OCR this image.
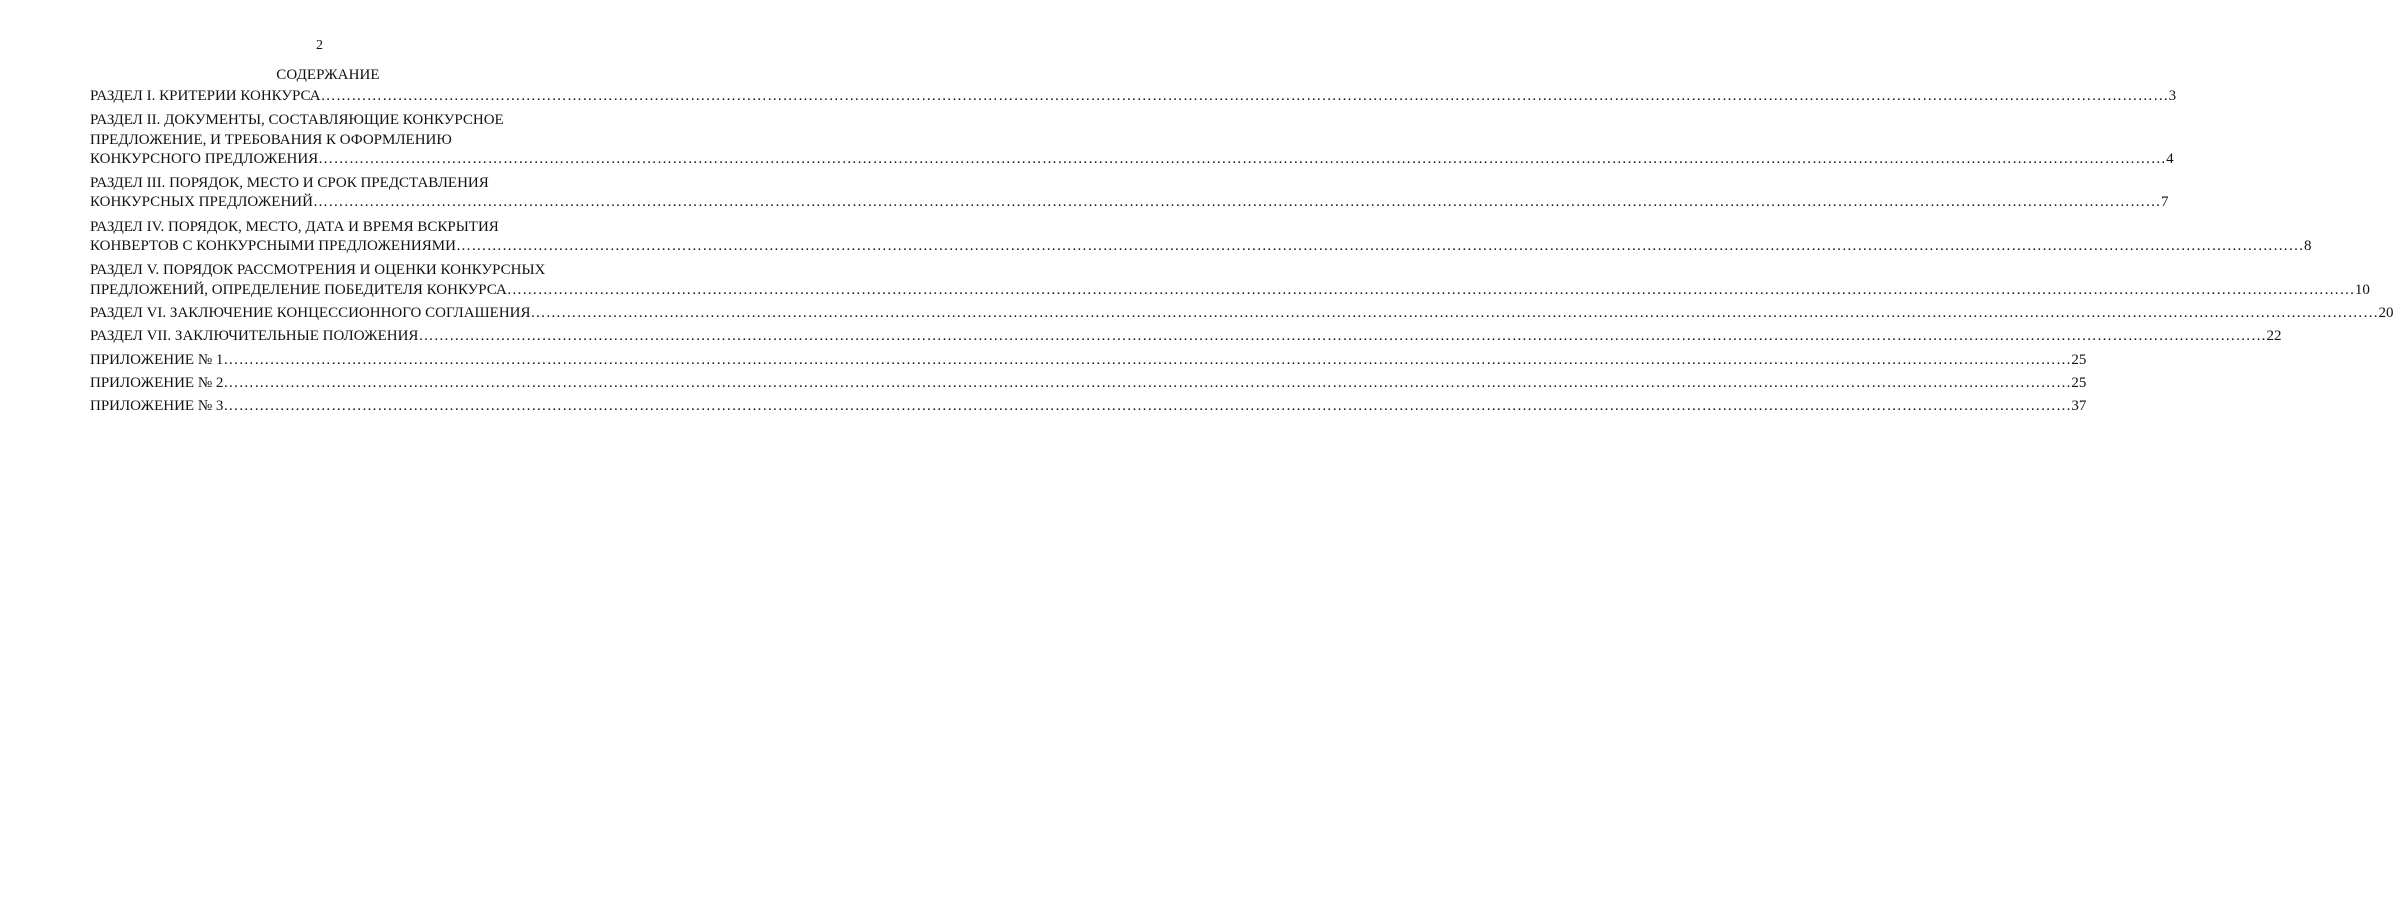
2
СОДЕРЖАНИЕ
РАЗДЕЛ I. КРИТЕРИИ КОНКУРСА ……………………………………………………………………………………………………………………………………………………………………………………………………………………………………………………………………………………………………………………………… 3
РАЗДЕЛ II. ДОКУМЕНТЫ, СОСТАВЛЯЮЩИЕ КОНКУРСНОЕ
ПРЕДЛОЖЕНИЕ, И ТРЕБОВАНИЯ К ОФОРМЛЕНИЮ
КОНКУРСНОГО ПРЕДЛОЖЕНИЯ ……………………………………………………………………………………………………………………………………………………………………………………………………………………………………………………………………………………………………………………………… 4
РАЗДЕЛ III. ПОРЯДОК, МЕСТО И СРОК ПРЕДСТАВЛЕНИЯ
КОНКУРСНЫХ ПРЕДЛОЖЕНИЙ ……………………………………………………………………………………………………………………………………………………………………………………………………………………………………………………………………………………………………………………………… 7
РАЗДЕЛ IV. ПОРЯДОК, МЕСТО, ДАТА И ВРЕМЯ ВСКРЫТИЯ
КОНВЕРТОВ С КОНКУРСНЫМИ ПРЕДЛОЖЕНИЯМИ ……………………………………………………………………………………………………………………………………………………………………………………………………………………………………………………………………………………………………………………………… 8
РАЗДЕЛ V. ПОРЯДОК РАССМОТРЕНИЯ И ОЦЕНКИ КОНКУРСНЫХ
ПРЕДЛОЖЕНИЙ, ОПРЕДЕЛЕНИЕ ПОБЕДИТЕЛЯ КОНКУРСА ……………………………………………………………………………………………………………………………………………………………………………………………………………………………………………………………………………………………………………………………… 10
РАЗДЕЛ VI. ЗАКЛЮЧЕНИЕ КОНЦЕССИОННОГО СОГЛАШЕНИЯ ……………………………………………………………………………………………………………………………………………………………………………………………………………………………………………………………………………………………………………………………… 20
РАЗДЕЛ VII. ЗАКЛЮЧИТЕЛЬНЫЕ ПОЛОЖЕНИЯ ……………………………………………………………………………………………………………………………………………………………………………………………………………………………………………………………………………………………………………………………… 22
ПРИЛОЖЕНИЕ № 1 ……………………………………………………………………………………………………………………………………………………………………………………………………………………………………………………………………………………………………………………………… 25
ПРИЛОЖЕНИЕ № 2 ……………………………………………………………………………………………………………………………………………………………………………………………………………………………………………………………………………………………………………………………… 25
ПРИЛОЖЕНИЕ № 3 ……………………………………………………………………………………………………………………………………………………………………………………………………………………………………………………………………………………………………………………………… 37
